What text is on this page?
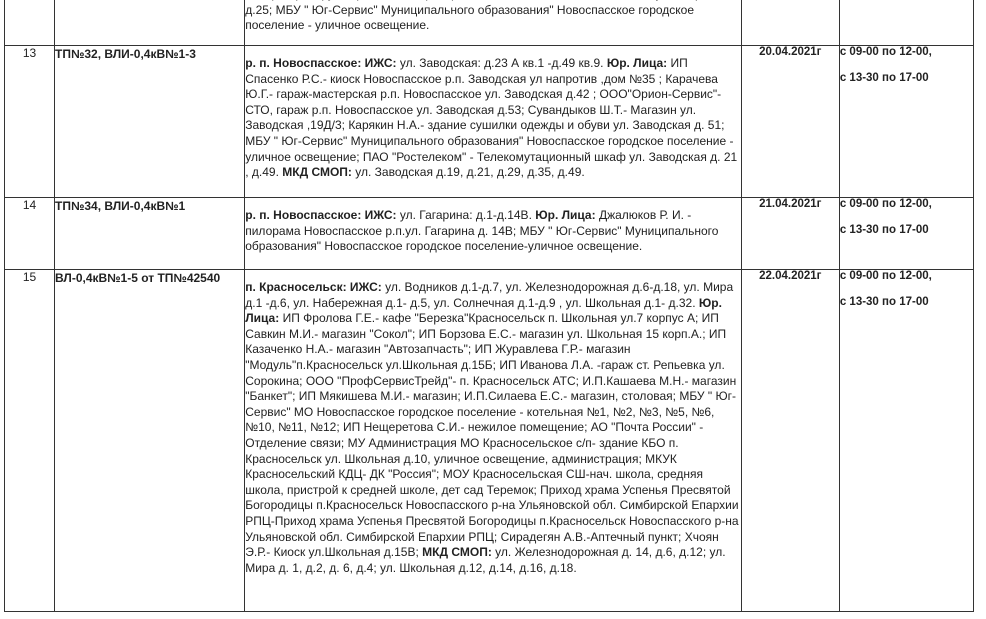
		д.25; МБУ " Юг-Сервис" Муниципального образования" Новоспасское городское поселение - уличное освещение.		

13	ТП№32, ВЛИ-0,4кВ№1-3	р. п. Новоспасское: ИЖС: ул. Заводская: д.23 А кв.1 -д.49 кв.9. Юр. Лица: ИП Спасенко Р.С.- киоск Новоспасское р.п. Заводская ул напротив ,дом №35 ; Карачева Ю.Г.- гараж-мастерская р.п. Новоспасское ул. Заводская д.42 ; ООО"Орион-Сервис"- СТО, гараж р.п. Новоспасское ул. Заводская д.53; Сувандыков Ш.Т.- Магазин ул. Заводская ,19Д/3; Карякин Н.А.- здание сушилки одежды и обуви ул. Заводская д. 51; МБУ " Юг-Сервис" Муниципального образования" Новоспасское городское поселение - уличное освещение; ПАО "Ростелеком" - Телекомутационный шкаф ул. Заводская д. 21 , д.49. МКД СМОП: ул. Заводская д.19, д.21, д.29, д.35, д.49.	20.04.2021г	с 09-00 по 12-00,
с 13-30 по 17-00

14	ТП№34, ВЛИ-0,4кВ№1	р. п. Новоспасское: ИЖС: ул. Гагарина: д.1-д.14В. Юр. Лица: Джалюков Р. И. - пилорама Новоспасское р.п.ул. Гагарина д. 14В; МБУ " Юг-Сервис" Муниципального образования" Новоспасское городское поселение-уличное освещение.	21.04.2021г	с 09-00 по 12-00,
с 13-30 по 17-00

15	ВЛ-0,4кВ№1-5 от ТП№42540	п. Красносельск: ИЖС: ул. Водников д.1-д.7, ул. Железнодорожная д.6-д.18, ул. Мира д.1 -д.6, ул. Набережная д.1- д.5, ул. Солнечная д.1-д.9 , ул. Школьная д.1- д.32. Юр. Лица: ИП Фролова Г.Е.- кафе "Березка"Красносельск п. Школьная ул.7 корпус А; ИП Савкин М.И.- магазин "Сокол"; ИП Борзова Е.С.- магазин ул. Школьная 15 корп.А.; ИП Казаченко Н.А.- магазин "Автозапчасть"; ИП Журавлева Г.Р.- магазин "Модуль"п.Красносельск ул.Школьная д.15Б; ИП Иванова Л.А. -гараж ст. Репьевка ул. Сорокина; ООО "ПрофСервисТрейд"- п. Красносельск АТС; И.П.Кашаева М.Н.- магазин "Банкет"; ИП Мякишева М.И.- магазин; И.П.Силаева Е.С.- магазин, столовая; МБУ " Юг-Сервис" МО Новоспасское городское поселение - котельная №1, №2, №3, №5, №6, №10, №11, №12; ИП Нещеретова С.И.- нежилое помещение; АО "Почта России" - Отделение связи; МУ Администрация МО Красносельское с/п- здание КБО п. Красносельск ул. Школьная д.10, уличное освещение, администрация; МКУК Красносельский КДЦ- ДК "Россия"; МОУ Красносельская СШ-нач. школа, средняя школа, пристрой к средней школе, дет сад Теремок; Приход храма Успенья Пресвятой Богородицы п.Красносельск Новоспасского р-на Ульяновской обл. Симбирской Епархии РПЦ-Приход храма Успенья Пресвятой Богородицы п.Красносельск Новоспасского р-на Ульяновской обл. Симбирской Епархии РПЦ; Сирадегян А.В.-Аптечный пункт; Хчоян Э.Р.- Киоск ул.Школьная д.15В; МКД СМОП: ул. Железнодорожная д. 14, д.6, д.12; ул. Мира д. 1, д.2, д. 6, д.4; ул. Школьная д.12, д.14, д.16, д.18.	22.04.2021г	с 09-00 по 12-00,
с 13-30 по 17-00
